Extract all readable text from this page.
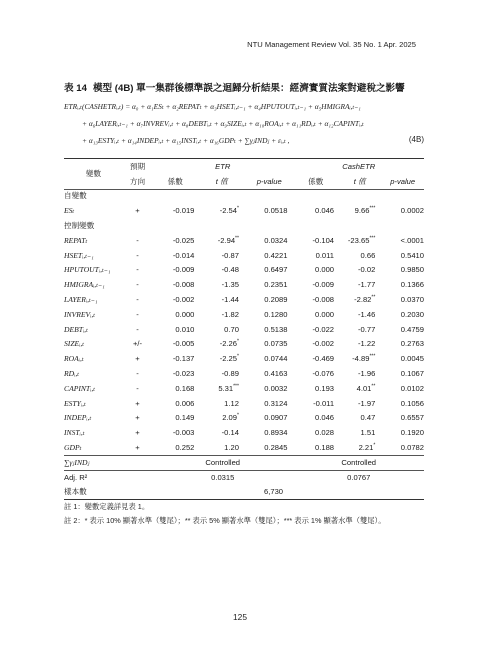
NTU Management Review Vol. 35 No. 1 Apr. 2025
表 14 模型 (4B) 單一集群後標準誤之迴歸分析結果：經濟實質法案對避稅之影響
ETRᵢ,ₜ(CASHETRᵢ,ₜ) = α₀ + α₁ESₜ + α₂REPATₜ + α₃HSETᵢ,ₜ₋₁ + α₄HPUTOUTᵢ,ₜ₋₁ + α₅HMIGRAᵢ,ₜ₋₁
+ α₆LAYERᵢ,ₜ₋₁ + α₇INVREVᵢ,ₜ + α₈DEBTᵢ,ₜ + α₉SIZEᵢ,ₜ + α₁₀ROAᵢ,ₜ + α₁₁RDᵢ,ₜ + α₁₂CAPINTᵢ,ₜ
+ α₁₃ESTYᵢ,ₜ + α₁₄INDEPᵢ,ₜ + α₁₅INSTᵢ,ₜ + α₁₆GDPₜ + ∑γⱼINDⱼ + εᵢ,ₜ ,	(4B)
變數	預期	ETR			CashETR		
	方向	係數	t 值	p-value	係數	t 值	p-value
自變數							
ESₜ	+	-0.019	-2.54*	0.0518	0.046	9.66***	0.0002
控制變數							
REPATₜ	-	-0.025	-2.94**	0.0324	-0.104	-23.65***	<.0001
HSETᵢ,ₜ₋₁	-	-0.014	-0.87	0.4221	0.011	0.66	0.5410
HPUTOUTᵢ,ₜ₋₁	-	-0.009	-0.48	0.6497	0.000	-0.02	0.9850
HMIGRAᵢ,ₜ₋₁	-	-0.008	-1.35	0.2351	-0.009	-1.77	0.1366
LAYERᵢ,ₜ₋₁	-	-0.002	-1.44	0.2089	-0.008	-2.82**	0.0370
INVREVᵢ,ₜ	-	0.000	-1.82	0.1280	0.000	-1.46	0.2030
DEBTᵢ,ₜ	-	0.010	0.70	0.5138	-0.022	-0.77	0.4759
SIZEᵢ,ₜ	+/-	-0.005	-2.26*	0.0735	-0.002	-1.22	0.2763
ROAᵢ,ₜ	+	-0.137	-2.25*	0.0744	-0.469	-4.89***	0.0045
RDᵢ,ₜ	-	-0.023	-0.89	0.4163	-0.076	-1.96	0.1067
CAPINTᵢ,ₜ	-	0.168	5.31***	0.0032	0.193	4.01**	0.0102
ESTYᵢ,ₜ	+	0.006	1.12	0.3124	-0.011	-1.97	0.1056
INDEPᵢ,ₜ	+	0.149	2.09*	0.0907	0.046	0.47	0.6557
INSTᵢ,ₜ	+	-0.003	-0.14	0.8934	0.028	1.51	0.1920
GDPₜ	+	0.252	1.20	0.2845	0.188	2.21*	0.0782
∑γⱼINDⱼ		Controlled			Controlled		
Adj. R²		0.0315			0.0767		
樣本數	6,730						
註 1：變數定義詳見表 1。
註 2：* 表示 10% 顯著水準（雙尾）；** 表示 5% 顯著水準（雙尾）；*** 表示 1% 顯著水準（雙尾）。
125
